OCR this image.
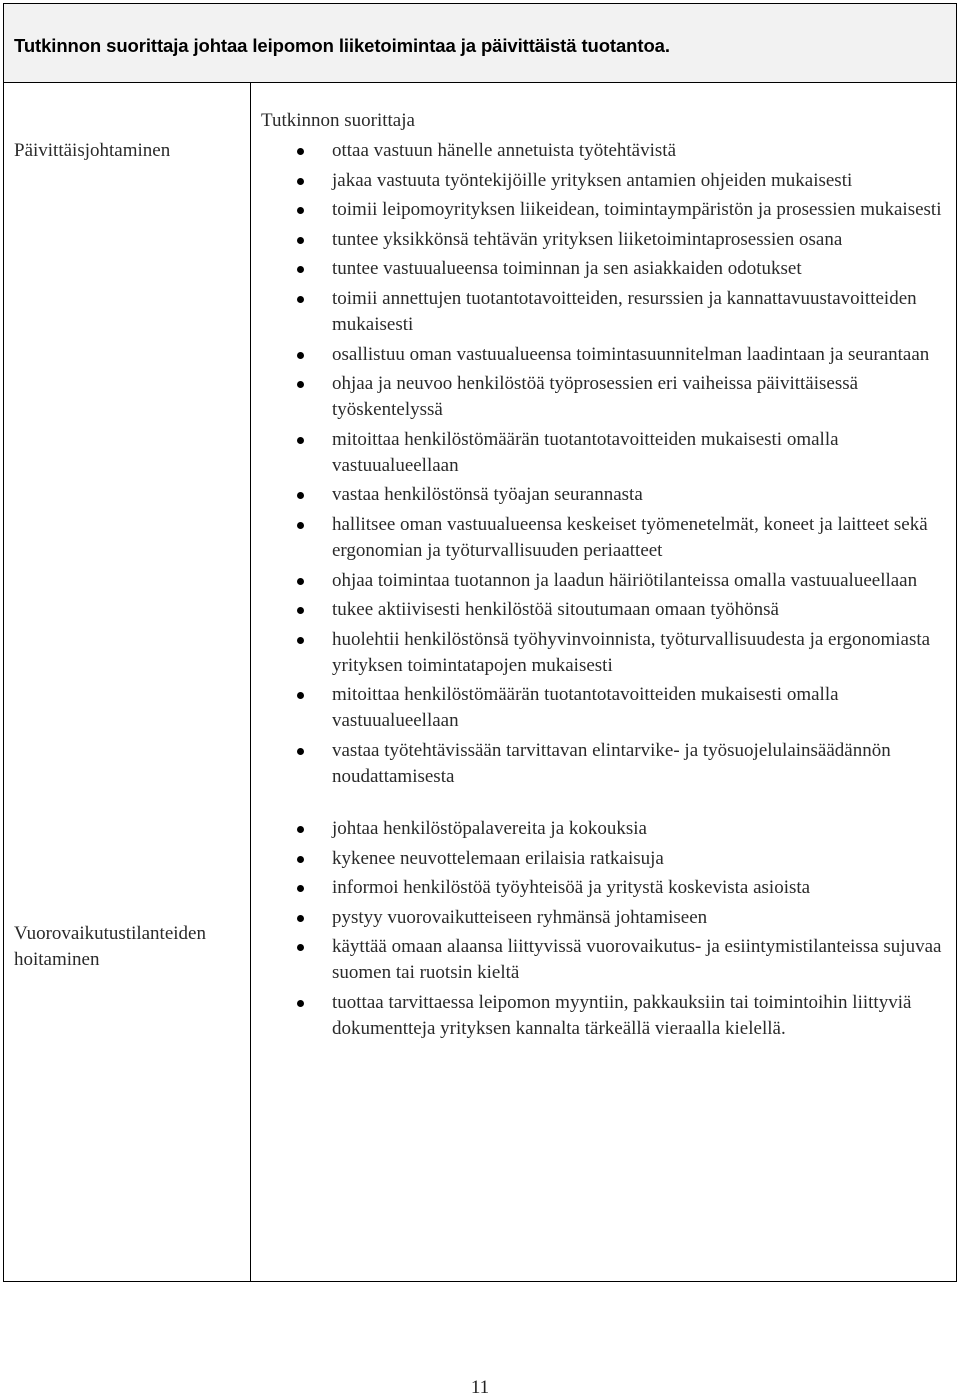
Tutkinnon suorittaja johtaa leipomon liiketoimintaa ja päivittäistä tuotantoa.
Päivittäisjohtaminen
Vuorovaikutustilanteiden hoitaminen
Tutkinnon suorittaja
ottaa vastuun hänelle annetuista työtehtävistä
jakaa vastuuta työntekijöille yrityksen antamien ohjeiden mukaisesti
toimii leipomoyrityksen liikeidean, toimintaympäristön ja prosessien mukaisesti
tuntee yksikkönsä tehtävän yrityksen liiketoimintaprosessien osana
tuntee vastuualueensa toiminnan ja sen asiakkaiden odotukset
toimii annettujen tuotantotavoitteiden, resurssien ja kannattavuustavoitteiden mukaisesti
osallistuu oman vastuualueensa toimintasuunnitelman laadintaan ja seurantaan
ohjaa ja neuvoo henkilöstöä työprosessien eri vaiheissa päivittäisessä työskentelyssä
mitoittaa henkilöstömäärän tuotantotavoitteiden mukaisesti omalla vastuualueellaan
vastaa henkilöstönsä työajan seurannasta
hallitsee oman vastuualueensa keskeiset työmenetelmät, koneet ja laitteet sekä ergonomian ja työturvallisuuden periaatteet
ohjaa toimintaa tuotannon ja laadun häiriötilanteissa omalla vastuualueellaan
tukee aktiivisesti henkilöstöä sitoutumaan omaan työhönsä
huolehtii henkilöstönsä työhyvinvoinnista, työturvallisuudesta ja ergonomiasta yrityksen toimintatapojen mukaisesti
mitoittaa henkilöstömäärän tuotantotavoitteiden mukaisesti omalla vastuualueellaan
vastaa työtehtävissään tarvittavan elintarvike- ja työsuojelulainsäädännön noudattamisesta
johtaa henkilöstöpalavereita ja kokouksia
kykenee neuvottelemaan erilaisia ratkaisuja
informoi henkilöstöä työyhteisöä ja yritystä koskevista asioista
pystyy vuorovaikutteiseen ryhmänsä johtamiseen
käyttää omaan alaansa liittyvissä vuorovaikutus- ja esiintymistilanteissa sujuvaa suomen tai ruotsin kieltä
tuottaa tarvittaessa leipomon myyntiin, pakkauksiin tai toimintoihin liittyviä dokumentteja yrityksen kannalta tärkeällä vieraalla kielellä.
11
